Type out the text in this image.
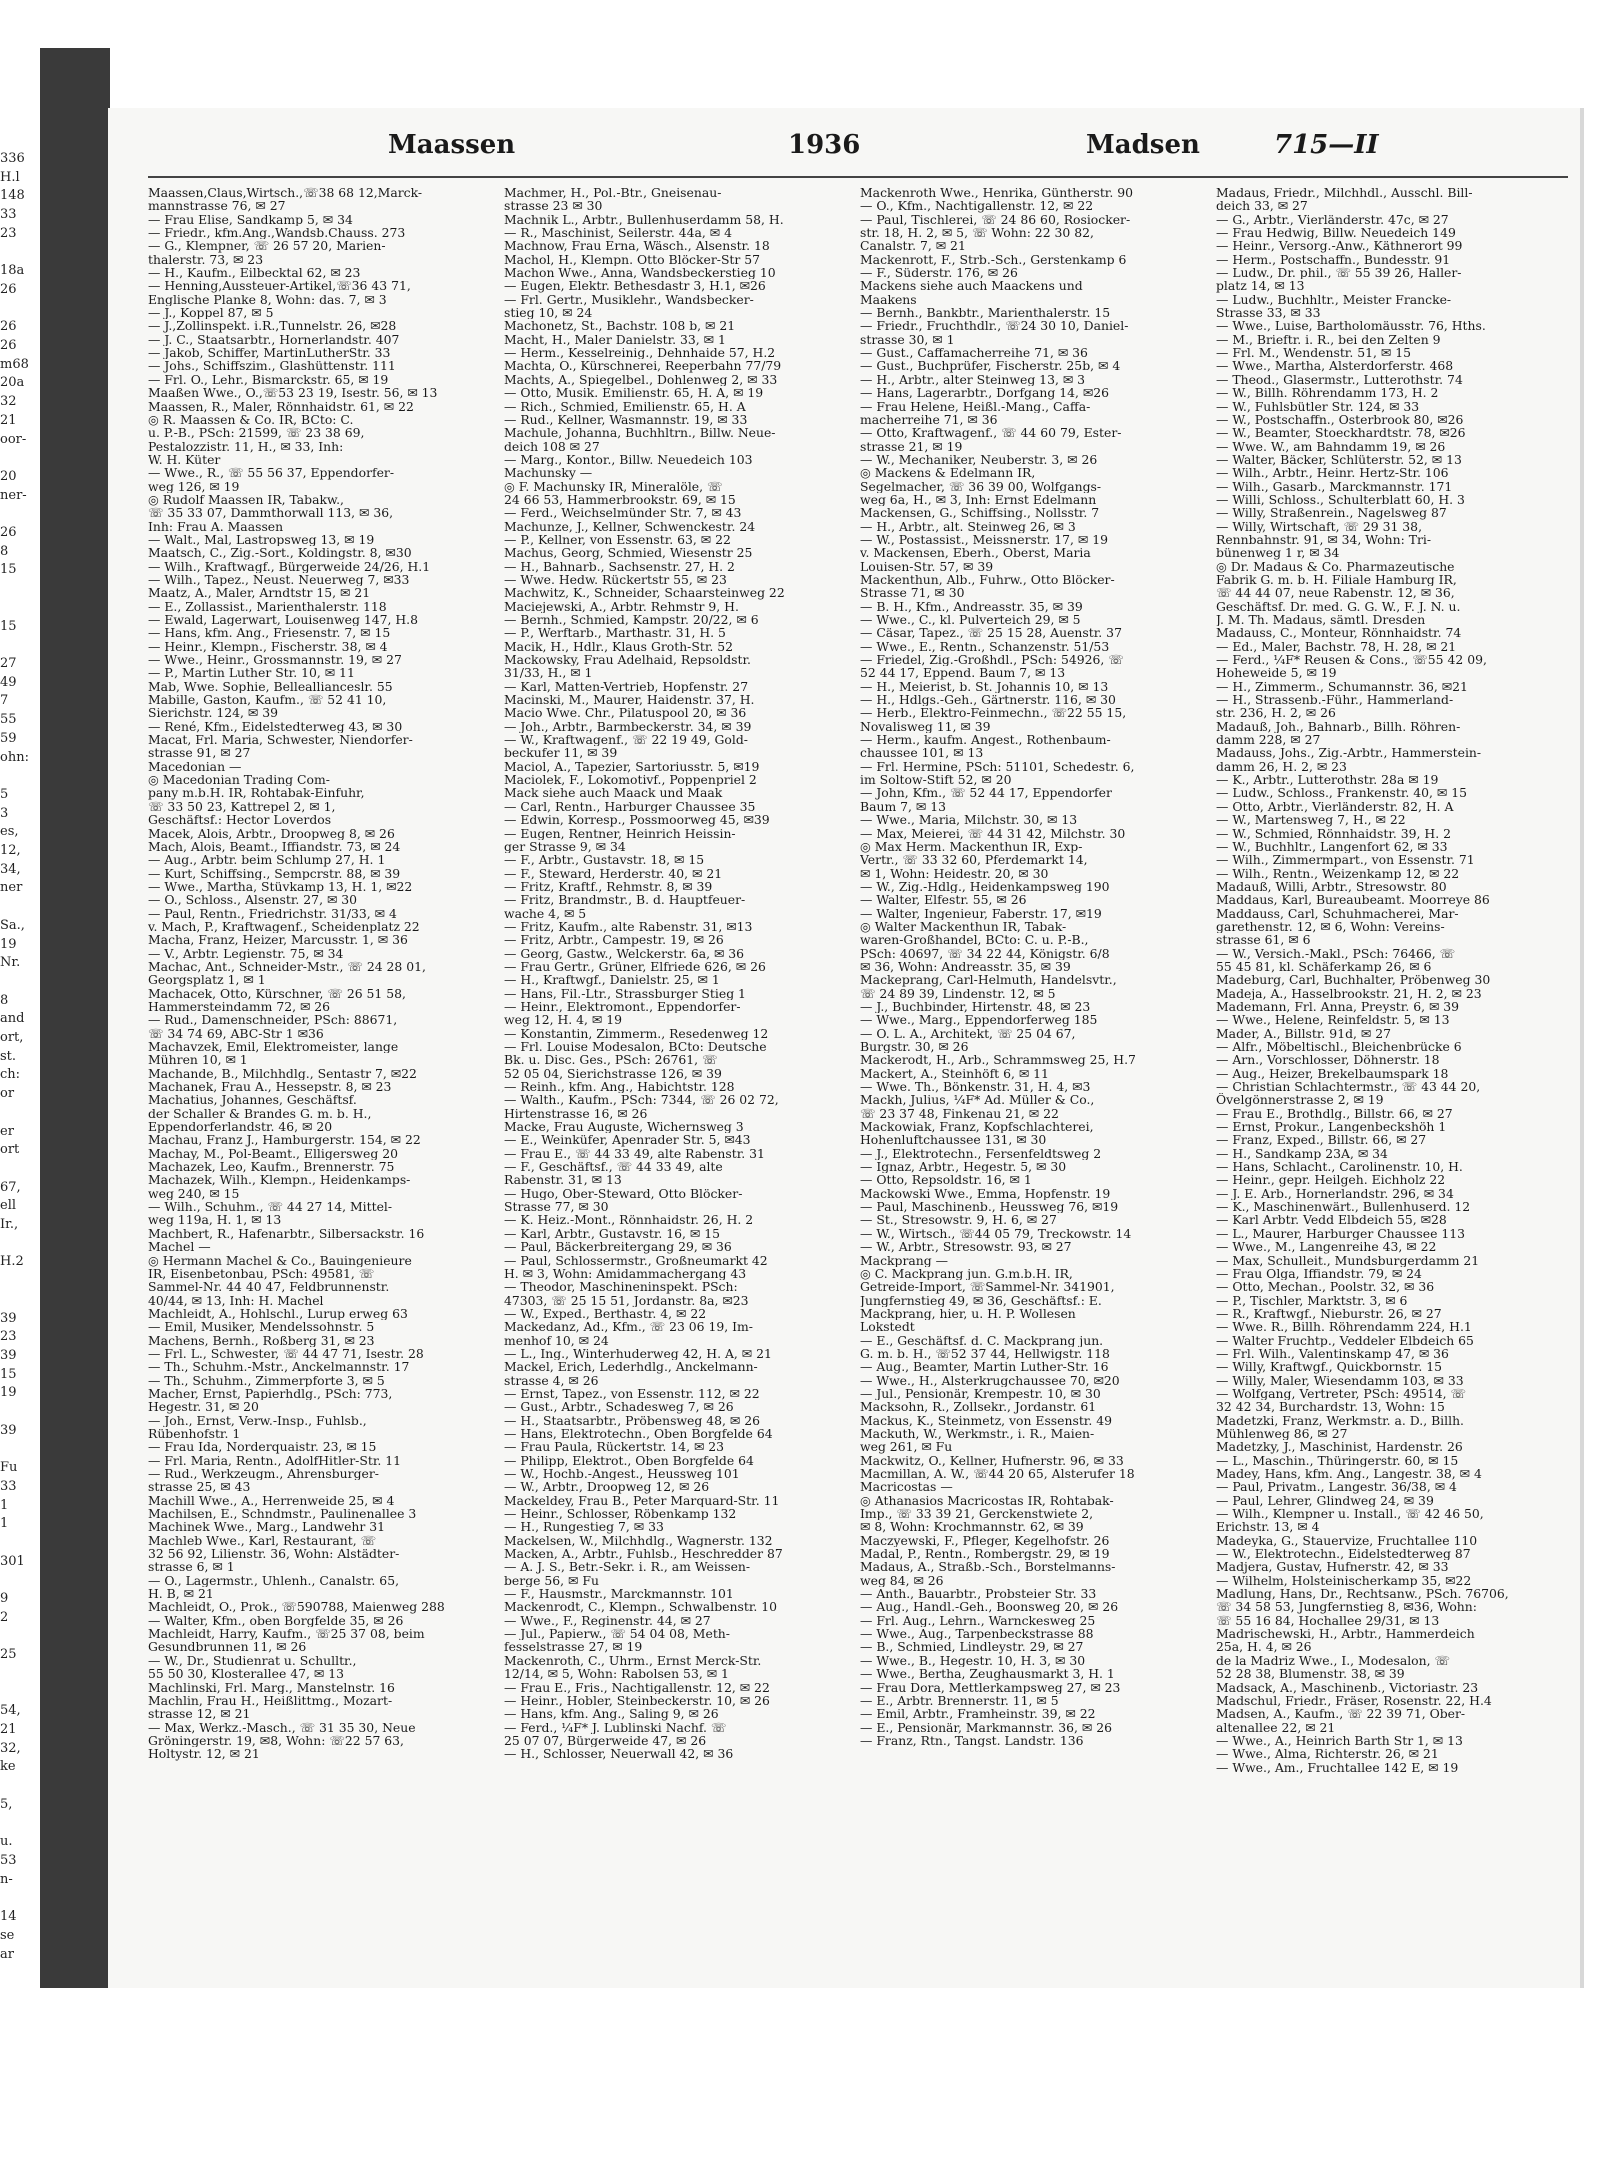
336
H.l
148
33
23

18a
26

26
26
m68
20a
32
21
oor-

20
ner-

26
8
15

15

27
49
7
55
59
ohn:

5
3
es,
12,
34,
ner

Sa.,
19
Nr.

8
and
ort,
st.
ch:
or

er
ort

67,
ell
Ir.,

H.2

39
23
39
15
19

39

Fu
33
1
1

301

9
2

25

54,
21
32,
ke

5,

u.
53
n-

14
se
ar
Maassen	1936	Madsen	715—II
Maassen,Claus,Wirtsch.,☏38 68 12,Marck-
mannstrasse 76, ✉ 27
— Frau Elise, Sandkamp 5, ✉ 34
— Friedr., kfm.Ang.,Wandsb.Chauss. 273
— G., Klempner, ☏ 26 57 20, Marien-
thalerstr. 73, ✉ 23
— H., Kaufm., Eilbecktal 62, ✉ 23
— Henning,Aussteuer-Artikel,☏36 43 71,
Englische Planke 8, Wohn: das. 7, ✉ 3
— J., Koppel 87, ✉ 5
— J.,Zollinspekt. i.R.,Tunnelstr. 26, ✉28
— J. C., Staatsarbtr., Hornerlandstr. 407
— Jakob, Schiffer, MartinLutherStr. 33
— Johs., Schiffszim., Glashüttenstr. 111
— Frl. O., Lehr., Bismarckstr. 65, ✉ 19
Maaßen Wwe., O.,☏53 23 19, Isestr. 56, ✉ 13
Maassen, R., Maler, Rönnhaidstr. 61, ✉ 22
◎ R. Maassen & Co. IR, BCto: C.
u. P.-B., PSch: 21599, ☏ 23 38 69,
Pestalozzistr. 11, H., ✉ 33, Inh:
W. H. Küter
— Wwe., R., ☏ 55 56 37, Eppendorfer-
weg 126, ✉ 19
◎ Rudolf Maassen IR, Tabakw.,
☏ 35 33 07, Dammthorwall 113, ✉ 36,
Inh: Frau A. Maassen
— Walt., Mal, Lastropsweg 13, ✉ 19
Maatsch, C., Zig.-Sort., Koldingstr. 8, ✉30
— Wilh., Kraftwagf., Bürgerweide 24/26, H.1
— Wilh., Tapez., Neust. Neuerweg 7, ✉33
Maatz, A., Maler, Arndtstr 15, ✉ 21
— E., Zollassist., Marienthalerstr. 118
— Ewald, Lagerwart, Louisenweg 147, H.8
— Hans, kfm. Ang., Friesenstr. 7, ✉ 15
— Heinr., Klempn., Fischerstr. 38, ✉ 4
— Wwe., Heinr., Grossmannstr. 19, ✉ 27
— P., Martin Luther Str. 10, ✉ 11
Mab, Wwe. Sophie, Belleallianceslr. 55
Mabille, Gaston, Kaufm., ☏ 52 41 10,
Sierichstr. 124, ✉ 39
— René, Kfm., Eidelstedterweg 43, ✉ 30
Macat, Frl. Maria, Schwester, Niendorfer-
strasse 91, ✉ 27
Macedonian —
◎ Macedonian Trading Com-
pany m.b.H. IR, Rohtabak-Einfuhr,
☏ 33 50 23, Kattrepel 2, ✉ 1,
Geschäftsf.: Hector Loverdos
Macek, Alois, Arbtr., Droopweg 8, ✉ 26
Mach, Alois, Beamt., Iffiandstr. 73, ✉ 24
— Aug., Arbtr. beim Schlump 27, H. 1
— Kurt, Schiffsing., Sempcrstr. 88, ✉ 39
— Wwe., Martha, Stüvkamp 13, H. 1, ✉22
— O., Schloss., Alsenstr. 27, ✉ 30
— Paul, Rentn., Friedrichstr. 31/33, ✉ 4
v. Mach, P., Kraftwagenf., Scheidenplatz 22
Macha, Franz, Heizer, Marcusstr. 1, ✉ 36
— V., Arbtr. Legienstr. 75, ✉ 34
Machac, Ant., Schneider-Mstr., ☏ 24 28 01,
Georgsplatz 1, ✉ 1
Machacek, Otto, Kürschner, ☏ 26 51 58,
Hammersteindamm 72, ✉ 26
— Rud., Damenschneider, PSch: 88671,
☏ 34 74 69, ABC-Str 1 ✉36
Machavzek, Emil, Elektromeister, lange
Mühren 10, ✉ 1
Machande, B., Milchhdlg., Sentastr 7, ✉22
Machanek, Frau A., Hessepstr. 8, ✉ 23
Machatius, Johannes, Geschäftsf.
der Schaller & Brandes G. m. b. H.,
Eppendorferlandstr. 46, ✉ 20
Machau, Franz J., Hamburgerstr. 154, ✉ 22
Machay, M., Pol-Beamt., Elligersweg 20
Machazek, Leo, Kaufm., Brennerstr. 75
Machazek, Wilh., Klempn., Heidenkamps-
weg 240, ✉ 15
— Wilh., Schuhm., ☏ 44 27 14, Mittel-
weg 119a, H. 1, ✉ 13
Machbert, R., Hafenarbtr., Silbersackstr. 16
Machel —
◎ Hermann Machel & Co., Bauingenieure
IR, Eisenbetonbau, PSch: 49581, ☏
Sammel-Nr. 44 40 47, Feldbrunnenstr.
40/44, ✉ 13, Inh: H. Machel
Machleidt, A., Hohlschl., Lurup erweg 63
— Emil, Musiker, Mendelssohnstr. 5
Machens, Bernh., Roßberg 31, ✉ 23
— Frl. L., Schwester, ☏ 44 47 71, Isestr. 28
— Th., Schuhm.-Mstr., Anckelmannstr. 17
— Th., Schuhm., Zimmerpforte 3, ✉ 5
Macher, Ernst, Papierhdlg., PSch: 773,
Hegestr. 31, ✉ 20
— Joh., Ernst, Verw.-Insp., Fuhlsb.,
Rübenhofstr. 1
— Frau Ida, Norderquaistr. 23, ✉ 15
— Frl. Maria, Rentn., AdolfHitler-Str. 11
— Rud., Werkzeugm., Ahrensburger-
strasse 25, ✉ 43
Machill Wwe., A., Herrenweide 25, ✉ 4
Machilsen, E., Schndmstr., Paulinenallee 3
Machinek Wwe., Marg., Landwehr 31
Machleb Wwe., Karl, Restaurant, ☏
32 56 92, Lilienstr. 36, Wohn: Alstädter-
strasse 6, ✉ 1
— O., Lagermstr., Uhlenh., Canalstr. 65,
H. B, ✉ 21
Machleidt, O., Prok., ☏590788, Maienweg 288
— Walter, Kfm., oben Borgfelde 35, ✉ 26
Machleidt, Harry, Kaufm., ☏25 37 08, beim
Gesundbrunnen 11, ✉ 26
— W., Dr., Studienrat u. Schulltr.,
55 50 30, Klosterallee 47, ✉ 13
Machlinski, Frl. Marg., Manstelnstr. 16
Machlin, Frau H., Heißlittmg., Mozart-
strasse 12, ✉ 21
— Max, Werkz.-Masch., ☏ 31 35 30, Neue
Gröningerstr. 19, ✉8, Wohn: ☏22 57 63,
Holtystr. 12, ✉ 21
Machmer, H., Pol.-Btr., Gneisenau-
strasse 23 ✉ 30
Machnik L., Arbtr., Bullenhuserdamm 58, H.
— R., Maschinist, Seilerstr. 44a, ✉ 4
Machnow, Frau Erna, Wäsch., Alsenstr. 18
Machol, H., Klempn. Otto Blöcker-Str 57
Machon Wwe., Anna, Wandsbeckerstieg 10
— Eugen, Elektr. Bethesdastr 3, H.1, ✉26
— Frl. Gertr., Musiklehr., Wandsbecker-
stieg 10, ✉ 24
Machonetz, St., Bachstr. 108 b, ✉ 21
Macht, H., Maler Danielstr. 33, ✉ 1
— Herm., Kesselreinig., Dehnhaide 57, H.2
Machta, O., Kürschnerei, Reeperbahn 77/79
Machts, A., Spiegelbel., Dohlenweg 2, ✉ 33
— Otto, Musik. Emilienstr. 65, H. A, ✉ 19
— Rich., Schmied, Emilienstr. 65, H. A
— Rud., Kellner, Wasmannstr. 19, ✉ 33
Machule, Johanna, Buchhltrn., Billw. Neue-
deich 108 ✉ 27
— Marg., Kontor., Billw. Neuedeich 103
Machunsky —
◎ F. Machunsky IR, Mineralöle, ☏
24 66 53, Hammerbrookstr. 69, ✉ 15
— Ferd., Weichselmünder Str. 7, ✉ 43
Machunze, J., Kellner, Schwenckestr. 24
— P., Kellner, von Essenstr. 63, ✉ 22
Machus, Georg, Schmied, Wiesenstr 25
— H., Bahnarb., Sachsenstr. 27, H. 2
— Wwe. Hedw. Rückertstr 55, ✉ 23
Machwitz, K., Schneider, Schaarsteinweg 22
Maciejewski, A., Arbtr. Rehmstr 9, H.
— Bernh., Schmied, Kampstr. 20/22, ✉ 6
— P., Werftarb., Marthastr. 31, H. 5
Macik, H., Hdlr., Klaus Groth-Str. 52
Mackowsky, Frau Adelhaid, Repsoldstr.
31/33, H., ✉ 1
— Karl, Matten-Vertrieb, Hopfenstr. 27
Macinski, M., Maurer, Haidenstr. 37, H.
Macio Wwe. Chr., Pilatuspool 20, ✉ 36
— Joh., Arbtr., Barmbeckerstr. 34, ✉ 39
— W., Kraftwagenf., ☏ 22 19 49, Gold-
beckufer 11, ✉ 39
Maciol, A., Tapezier, Sartoriusstr. 5, ✉19
Maciolek, F., Lokomotivf., Poppenpriel 2
Mack siehe auch Maack und Maak
— Carl, Rentn., Harburger Chaussee 35
— Edwin, Korresp., Possmoorweg 45, ✉39
— Eugen, Rentner, Heinrich Heissin-
ger Strasse 9, ✉ 34
— F., Arbtr., Gustavstr. 18, ✉ 15
— F., Steward, Herderstr. 40, ✉ 21
— Fritz, Kraftf., Rehmstr. 8, ✉ 39
— Fritz, Brandmstr., B. d. Hauptfeuer-
wache 4, ✉ 5
— Fritz, Kaufm., alte Rabenstr. 31, ✉13
— Fritz, Arbtr., Campestr. 19, ✉ 26
— Georg, Gastw., Welckerstr. 6a, ✉ 36
— Frau Gertr., Grüner, Elfriede 626, ✉ 26
— H., Kraftwgf., Danielstr. 25, ✉ 1
— Hans, Fil.-Ltr., Strassburger Stieg 1
— Heinr., Elektromont., Eppendorfer-
weg 12, H. 4, ✉ 19
— Konstantin, Zimmerm., Resedenweg 12
— Frl. Louise Modesalon, BCto: Deutsche
Bk. u. Disc. Ges., PSch: 26761, ☏
52 05 04, Sierichstrasse 126, ✉ 39
— Reinh., kfm. Ang., Habichtstr. 128
— Walth., Kaufm., PSch: 7344, ☏ 26 02 72,
Hirtenstrasse 16, ✉ 26
Macke, Frau Auguste, Wichernsweg 3
— E., Weinküfer, Apenrader Str. 5, ✉43
— Frau E., ☏ 44 33 49, alte Rabenstr. 31
— F., Geschäftsf., ☏ 44 33 49, alte
Rabenstr. 31, ✉ 13
— Hugo, Ober-Steward, Otto Blöcker-
Strasse 77, ✉ 30
— K. Heiz.-Mont., Rönnhaidstr. 26, H. 2
— Karl, Arbtr., Gustavstr. 16, ✉ 15
— Paul, Bäckerbreitergang 29, ✉ 36
— Paul, Schlossermstr., Großneumarkt 42
H. ✉ 3, Wohn: Amidammachergang 43
— Theodor, Maschineninspekt. PSch:
47303, ☏ 25 15 51, Jordanstr. 8a, ✉23
— W., Exped., Berthastr. 4, ✉ 22
Mackedanz, Ad., Kfm., ☏ 23 06 19, Im-
menhof 10, ✉ 24
— L., Ing., Winterhuderweg 42, H. A, ✉ 21
Mackel, Erich, Lederhdlg., Anckelmann-
strasse 4, ✉ 26
— Ernst, Tapez., von Essenstr. 112, ✉ 22
— Gust., Arbtr., Schadesweg 7, ✉ 26
— H., Staatsarbtr., Pröbensweg 48, ✉ 26
— Hans, Elektrotechn., Oben Borgfelde 64
— Frau Paula, Rückertstr. 14, ✉ 23
— Philipp, Elektrot., Oben Borgfelde 64
— W., Hochb.-Angest., Heussweg 101
— W., Arbtr., Droopweg 12, ✉ 26
Mackeldey, Frau B., Peter Marquard-Str. 11
— Heinr., Schlosser, Röbenkamp 132
— H., Rungestieg 7, ✉ 33
Mackelsen, W., Milchhdlg., Wagnerstr. 132
Macken, A., Arbtr., Fuhlsb., Heschredder 87
— A. J. S., Betr.-Sekr. i. R., am Weissen-
berge 56, ✉ Fu
— F., Hausmstr., Marckmannstr. 101
Mackenrodt, C., Klempn., Schwalbenstr. 10
— Wwe., F., Reginenstr. 44, ✉ 27
— Jul., Papierw., ☏ 54 04 08, Meth-
fesselstrasse 27, ✉ 19
Mackenroth, C., Uhrm., Ernst Merck-Str.
12/14, ✉ 5, Wohn: Rabolsen 53, ✉ 1
— Frau E., Fris., Nachtigallenstr. 12, ✉ 22
— Heinr., Hobler, Steinbeckerstr. 10, ✉ 26
— Hans, kfm. Ang., Saling 9, ✉ 26
— Ferd., ¼F* J. Lublinski Nachf. ☏
25 07 07, Bürgerweide 47, ✉ 26
— H., Schlosser, Neuerwall 42, ✉ 36
Mackenroth Wwe., Henrika, Güntherstr. 90
— O., Kfm., Nachtigallenstr. 12, ✉ 22
— Paul, Tischlerei, ☏ 24 86 60, Rosiocker-
str. 18, H. 2, ✉ 5, ☏ Wohn: 22 30 82,
Canalstr. 7, ✉ 21
Mackenrott, F., Strb.-Sch., Gerstenkamp 6
— F., Süderstr. 176, ✉ 26
Mackens siehe auch Maackens und
Maakens
— Bernh., Bankbtr., Marienthalerstr. 15
— Friedr., Fruchthdlr., ☏24 30 10, Daniel-
strasse 30, ✉ 1
— Gust., Caffamacherreihe 71, ✉ 36
— Gust., Buchprüfer, Fischerstr. 25b, ✉ 4
— H., Arbtr., alter Steinweg 13, ✉ 3
— Hans, Lagerarbtr., Dorfgang 14, ✉26
— Frau Helene, Heißl.-Mang., Caffa-
macherreihe 71, ✉ 36
— Otto, Kraftwagenf., ☏ 44 60 79, Ester-
strasse 21, ✉ 19
— W., Mechaniker, Neuberstr. 3, ✉ 26
◎ Mackens & Edelmann IR,
Segelmacher, ☏ 36 39 00, Wolfgangs-
weg 6a, H., ✉ 3, Inh: Ernst Edelmann
Mackensen, G., Schiffsing., Nollsstr. 7
— H., Arbtr., alt. Steinweg 26, ✉ 3
— W., Postassist., Meissnerstr. 17, ✉ 19
v. Mackensen, Eberh., Oberst, Maria
Louisen-Str. 57, ✉ 39
Mackenthun, Alb., Fuhrw., Otto Blöcker-
Strasse 71, ✉ 30
— B. H., Kfm., Andreasstr. 35, ✉ 39
— Wwe., C., kl. Pulverteich 29, ✉ 5
— Cäsar, Tapez., ☏ 25 15 28, Auenstr. 37
— Wwe., E., Rentn., Schanzenstr. 51/53
— Friedel, Zig.-Großhdl., PSch: 54926, ☏
52 44 17, Eppend. Baum 7, ✉ 13
— H., Meierist, b. St. Johannis 10, ✉ 13
— H., Hdlgs.-Geh., Gärtnerstr. 116, ✉ 30
— Herb., Elektro-Feinmechn., ☏22 55 15,
Novalisweg 11, ✉ 39
— Herm., kaufm. Angest., Rothenbaum-
chaussee 101, ✉ 13
— Frl. Hermine, PSch: 51101, Schedestr. 6,
im Soltow-Stift 52, ✉ 20
— John, Kfm., ☏ 52 44 17, Eppendorfer
Baum 7, ✉ 13
— Wwe., Maria, Milchstr. 30, ✉ 13
— Max, Meierei, ☏ 44 31 42, Milchstr. 30
◎ Max Herm. Mackenthun IR, Exp-
Vertr., ☏ 33 32 60, Pferdemarkt 14,
✉ 1, Wohn: Heidestr. 20, ✉ 30
— W., Zig.-Hdlg., Heidenkampsweg 190
— Walter, Elfestr. 55, ✉ 26
— Walter, Ingenieur, Faberstr. 17, ✉19
◎ Walter Mackenthun IR, Tabak-
waren-Großhandel, BCto: C. u. P.-B.,
PSch: 40697, ☏ 34 22 44, Königstr. 6/8
✉ 36, Wohn: Andreasstr. 35, ✉ 39
Mackeprang, Carl-Helmuth, Handelsvtr.,
☏ 24 89 39, Lindenstr. 12, ✉ 5
— J., Buchbinder, Hirtenstr. 48, ✉ 23
— Wwe., Marg., Eppendorferweg 185
— O. L. A., Architekt, ☏ 25 04 67,
Burgstr. 30, ✉ 26
Mackerodt, H., Arb., Schrammsweg 25, H.7
Mackert, A., Steinhöft 6, ✉ 11
— Wwe. Th., Bönkenstr. 31, H. 4, ✉3
Mackh, Julius, ¼F* Ad. Müller & Co.,
☏ 23 37 48, Finkenau 21, ✉ 22
Mackowiak, Franz, Kopfschlachterei,
Hohenluftchaussee 131, ✉ 30
— J., Elektrotechn., Fersenfeldtsweg 2
— Ignaz, Arbtr., Hegestr. 5, ✉ 30
— Otto, Repsoldstr. 16, ✉ 1
Mackowski Wwe., Emma, Hopfenstr. 19
— Paul, Maschinenb., Heussweg 76, ✉19
— St., Stresowstr. 9, H. 6, ✉ 27
— W., Wirtsch., ☏44 05 79, Treckowstr. 14
— W., Arbtr., Stresowstr. 93, ✉ 27
Mackprang —
◎ C. Mackprang jun. G.m.b.H. IR,
Getreide-Import, ☏Sammel-Nr. 341901,
Jungfernstieg 49, ✉ 36, Geschäftsf.: E.
Mackprang, hier, u. H. P. Wollesen
Lokstedt
— E., Geschäftsf. d. C. Mackprang jun.
G. m. b. H., ☏52 37 44, Hellwigstr. 118
— Aug., Beamter, Martin Luther-Str. 16
— Wwe., H., Alsterkrugchaussee 70, ✉20
— Jul., Pensionär, Krempestr. 10, ✉ 30
Macksohn, R., Zollsekr., Jordanstr. 61
Mackus, K., Steinmetz, von Essenstr. 49
Mackuth, W., Werkmstr., i. R., Maien-
weg 261, ✉ Fu
Mackwitz, O., Kellner, Hufnerstr. 96, ✉ 33
Macmillan, A. W., ☏44 20 65, Alsterufer 18
Macricostas —
◎ Athanasios Macricostas IR, Rohtabak-
Imp., ☏ 33 39 21, Gerckenstwiete 2,
✉ 8, Wohn: Krochmannstr. 62, ✉ 39
Maczyewski, F., Pfleger, Kegelhofstr. 26
Madal, P., Rentn., Rombergstr. 29, ✉ 19
Madaus, A., Straßb.-Sch., Borstelmanns-
weg 84, ✉ 26
— Anth., Bauarbtr., Probsteier Str. 33
— Aug., Handl.-Geh., Boonsweg 20, ✉ 26
— Frl. Aug., Lehrn., Warnckesweg 25
— Wwe., Aug., Tarpenbeckstrasse 88
— B., Schmied, Lindleystr. 29, ✉ 27
— Wwe., B., Hegestr. 10, H. 3, ✉ 30
— Wwe., Bertha, Zeughausmarkt 3, H. 1
— Frau Dora, Mettlerkampsweg 27, ✉ 23
— E., Arbtr. Brennerstr. 11, ✉ 5
— Emil, Arbtr., Framheinstr. 39, ✉ 22
— E., Pensionär, Markmannstr. 36, ✉ 26
— Franz, Rtn., Tangst. Landstr. 136
Madaus, Friedr., Milchhdl., Ausschl. Bill-
deich 33, ✉ 27
— G., Arbtr., Vierländerstr. 47c, ✉ 27
— Frau Hedwig, Billw. Neuedeich 149
— Heinr., Versorg.-Anw., Käthnerort 99
— Herm., Postschaffn., Bundesstr. 91
— Ludw., Dr. phil., ☏ 55 39 26, Haller-
platz 14, ✉ 13
— Ludw., Buchhltr., Meister Francke-
Strasse 33, ✉ 33
— Wwe., Luise, Bartholomäusstr. 76, Hths.
— M., Brieftr. i. R., bei den Zelten 9
— Frl. M., Wendenstr. 51, ✉ 15
— Wwe., Martha, Alsterdorferstr. 468
— Theod., Glasermstr., Lutterothstr. 74
— W., Billh. Röhrendamm 173, H. 2
— W., Fuhlsbütler Str. 124, ✉ 33
— W., Postschaffn., Osterbrook 80, ✉26
— W., Beamter, Stoeckhardtstr. 78, ✉26
— Wwe. W., am Bahndamm 19, ✉ 26
— Walter, Bäcker, Schlüterstr. 52, ✉ 13
— Wilh., Arbtr., Heinr. Hertz-Str. 106
— Wilh., Gasarb., Marckmannstr. 171
— Willi, Schloss., Schulterblatt 60, H. 3
— Willy, Straßenrein., Nagelsweg 87
— Willy, Wirtschaft, ☏ 29 31 38,
Rennbahnstr. 91, ✉ 34, Wohn: Tri-
bünenweg 1 r, ✉ 34
◎ Dr. Madaus & Co. Pharmazeutische
Fabrik G. m. b. H. Filiale Hamburg IR,
☏ 44 44 07, neue Rabenstr. 12, ✉ 36,
Geschäftsf. Dr. med. G. G. W., F. J. N. u.
J. M. Th. Madaus, sämtl. Dresden
Madauss, C., Monteur, Rönnhaidstr. 74
— Ed., Maler, Bachstr. 78, H. 28, ✉ 21
— Ferd., ¼F* Reusen & Cons., ☏55 42 09,
Hoheweide 5, ✉ 19
— H., Zimmerm., Schumannstr. 36, ✉21
— H., Strassenb.-Führ., Hammerland-
str. 236, H. 2, ✉ 26
Madauß, Joh., Bahnarb., Billh. Röhren-
damm 228, ✉ 27
Madauss, Johs., Zig.-Arbtr., Hammerstein-
damm 26, H. 2, ✉ 23
— K., Arbtr., Lutterothstr. 28a ✉ 19
— Ludw., Schloss., Frankenstr. 40, ✉ 15
— Otto, Arbtr., Vierländerstr. 82, H. A
— W., Martensweg 7, H., ✉ 22
— W., Schmied, Rönnhaidstr. 39, H. 2
— W., Buchhltr., Langenfort 62, ✉ 33
— Wilh., Zimmermpart., von Essenstr. 71
— Wilh., Rentn., Weizenkamp 12, ✉ 22
Madauß, Willi, Arbtr., Stresowstr. 80
Maddaus, Karl, Bureaubeamt. Moorreye 86
Maddauss, Carl, Schuhmacherei, Mar-
garethenstr. 12, ✉ 6, Wohn: Vereins-
strasse 61, ✉ 6
— W., Versich.-Makl., PSch: 76466, ☏
55 45 81, kl. Schäferkamp 26, ✉ 6
Madeburg, Carl, Buchhalter, Pröbenweg 30
Madeja, A., Hasselbrookstr. 21, H. 2, ✉ 23
Mademann, Frl. Anna, Preystr. 6, ✉ 39
— Wwe., Helene, Reinfeldstr. 5, ✉ 13
Mader, A., Billstr. 91d, ✉ 27
— Alfr., Möbeltischl., Bleichenbrücke 6
— Arn., Vorschlosser, Döhnerstr. 18
— Aug., Heizer, Brekelbaumspark 18
— Christian Schlachtermstr., ☏ 43 44 20,
Övelgönnerstrasse 2, ✉ 19
— Frau E., Brothdlg., Billstr. 66, ✉ 27
— Ernst, Prokur., Langenbeckshöh 1
— Franz, Exped., Billstr. 66, ✉ 27
— H., Sandkamp 23A, ✉ 34
— Hans, Schlacht., Carolinenstr. 10, H.
— Heinr., gepr. Heilgeh. Eichholz 22
— J. E. Arb., Hornerlandstr. 296, ✉ 34
— K., Maschinenwärt., Bullenhuserd. 12
— Karl Arbtr. Vedd Elbdeich 55, ✉28
— L., Maurer, Harburger Chaussee 113
— Wwe., M., Langenreihe 43, ✉ 22
— Max, Schulleit., Mundsburgerdamm 21
— Frau Olga, Iffiandstr. 79, ✉ 24
— Otto, Mechan., Poolstr. 32, ✉ 36
— P., Tischler, Marktstr. 3, ✉ 6
— R., Kraftwgf., Nieburstr. 26, ✉ 27
— Wwe. R., Billh. Röhrendamm 224, H.1
— Walter Fruchtp., Veddeler Elbdeich 65
— Frl. Wilh., Valentinskamp 47, ✉ 36
— Willy, Kraftwgf., Quickbornstr. 15
— Willy, Maler, Wiesendamm 103, ✉ 33
— Wolfgang, Vertreter, PSch: 49514, ☏
32 42 34, Burchardstr. 13, Wohn: 15
Madetzki, Franz, Werkmstr. a. D., Billh.
Mühlenweg 86, ✉ 27
Madetzky, J., Maschinist, Hardenstr. 26
— L., Maschin., Thüringerstr. 60, ✉ 15
Madey, Hans, kfm. Ang., Langestr. 38, ✉ 4
— Paul, Privatm., Langestr. 36/38, ✉ 4
— Paul, Lehrer, Glindweg 24, ✉ 39
— Wilh., Klempner u. Install., ☏ 42 46 50,
Erichstr. 13, ✉ 4
Madeyka, G., Stauervize, Fruchtallee 110
— W., Elektrotechn., Eidelstedterweg 87
Madjera, Gustav, Hufnerstr. 42, ✉ 33
— Wilhelm, Holsteinischerkamp 35, ✉22
Madlung, Hans, Dr., Rechtsanw., PSch. 76706,
☏ 34 58 53, Jungfernstieg 8, ✉36, Wohn:
☏ 55 16 84, Hochallee 29/31, ✉ 13
Madrischewski, H., Arbtr., Hammerdeich
25a, H. 4, ✉ 26
de la Madriz Wwe., I., Modesalon, ☏
52 28 38, Blumenstr. 38, ✉ 39
Madsack, A., Maschinenb., Victoriastr. 23
Madschul, Friedr., Fräser, Rosenstr. 22, H.4
Madsen, A., Kaufm., ☏ 22 39 71, Ober-
altenallee 22, ✉ 21
— Wwe., A., Heinrich Barth Str 1, ✉ 13
— Wwe., Alma, Richterstr. 26, ✉ 21
— Wwe., Am., Fruchtallee 142 E, ✉ 19
